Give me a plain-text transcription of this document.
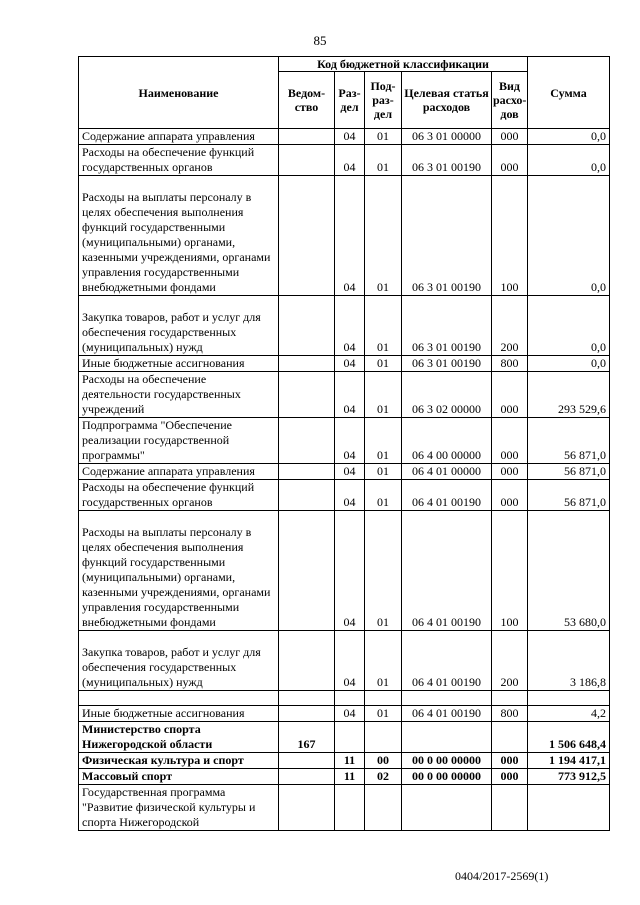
85
Наименование	Код бюджетной классификации					Сумма
	Ведом-ство	Раз-дел	Под-раз-дел	Целевая статья расходов	Вид расхо-дов	
Содержание аппарата управления		04	01	06 3 01 00000	000	0,0
Расходы на обеспечение функций государственных органов		04	01	06 3 01 00190	000	0,0
Расходы на выплаты персоналу в целях обеспечения выполнения функций государственными (муниципальными) органами, казенными учреждениями, органами управления государственными внебюджетными фондами		04	01	06 3 01 00190	100	0,0
Закупка товаров, работ и услуг для обеспечения государственных (муниципальных) нужд		04	01	06 3 01 00190	200	0,0
Иные бюджетные ассигнования		04	01	06 3 01 00190	800	0,0
Расходы на обеспечение деятельности государственных учреждений		04	01	06 3 02 00000	000	293 529,6
Подпрограмма "Обеспечение реализации государственной программы"		04	01	06 4 00 00000	000	56 871,0
Содержание аппарата управления		04	01	06 4 01 00000	000	56 871,0
Расходы на обеспечение функций государственных органов		04	01	06 4 01 00190	000	56 871,0
Расходы на выплаты персоналу в целях обеспечения выполнения функций государственными (муниципальными) органами, казенными учреждениями, органами управления государственными внебюджетными фондами		04	01	06 4 01 00190	100	53 680,0
Закупка товаров, работ и услуг для обеспечения государственных (муниципальных) нужд		04	01	06 4 01 00190	200	3 186,8

Иные бюджетные ассигнования		04	01	06 4 01 00190	800	4,2
Министерство спорта Нижегородской области	167					1 506 648,4
Физическая культура и спорт		11	00	00 0 00 00000	000	1 194 417,1
Массовый спорт		11	02	00 0 00 00000	000	773 912,5
Государственная программа "Развитие физической культуры и спорта Нижегородской						
0404/2017-2569(1)
